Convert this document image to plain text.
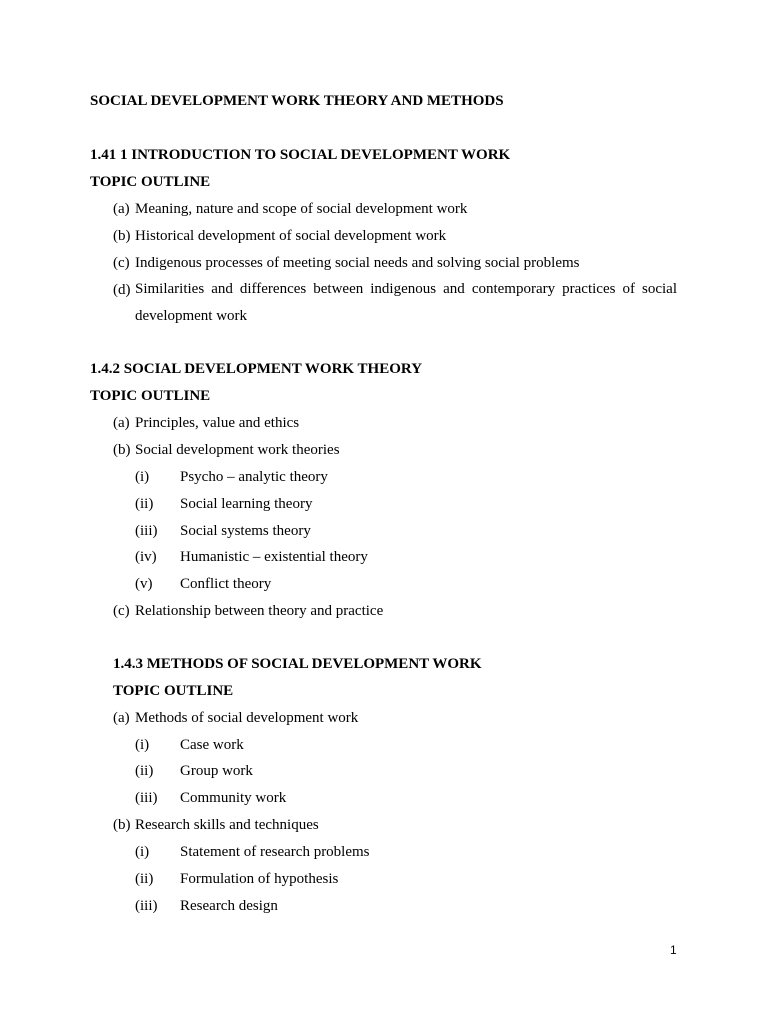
SOCIAL DEVELOPMENT WORK THEORY AND METHODS
1.41 1 INTRODUCTION TO SOCIAL DEVELOPMENT WORK
TOPIC OUTLINE
(a) Meaning, nature and scope of social development work
(b) Historical development of social development work
(c) Indigenous processes of meeting social needs and solving social problems
(d) Similarities and differences between indigenous and contemporary practices of social development work
1.4.2 SOCIAL DEVELOPMENT WORK THEORY
TOPIC OUTLINE
(a) Principles, value and ethics
(b) Social development work theories
(i) Psycho – analytic theory
(ii) Social learning theory
(iii) Social systems theory
(iv) Humanistic – existential theory
(v) Conflict theory
(c) Relationship between theory and practice
1.4.3 METHODS OF SOCIAL DEVELOPMENT WORK
TOPIC OUTLINE
(a) Methods of social development work
(i) Case work
(ii) Group work
(iii) Community work
(b) Research skills and techniques
(i) Statement of research problems
(ii) Formulation of hypothesis
(iii) Research design
1
